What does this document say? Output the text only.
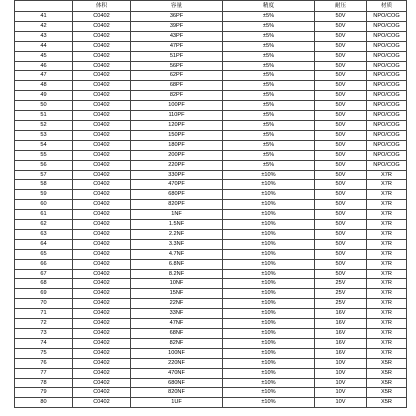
	体积	容量	精度	耐压	材质
41	C0402	36PF	±5%	50V	NPO/COG
42	C0402	39PF	±5%	50V	NPO/COG
43	C0402	43PF	±5%	50V	NPO/COG
44	C0402	47PF	±5%	50V	NPO/COG
45	C0402	51PF	±5%	50V	NPO/COG
46	C0402	56PF	±5%	50V	NPO/COG
47	C0402	62PF	±5%	50V	NPO/COG
48	C0402	68PF	±5%	50V	NPO/COG
49	C0402	82PF	±5%	50V	NPO/COG
50	C0402	100PF	±5%	50V	NPO/COG
51	C0402	110PF	±5%	50V	NPO/COG
52	C0402	120PF	±5%	50V	NPO/COG
53	C0402	150PF	±5%	50V	NPO/COG
54	C0402	180PF	±5%	50V	NPO/COG
55	C0402	200PF	±5%	50V	NPO/COG
56	C0402	220PF	±5%	50V	NPO/COG
57	C0402	330PF	±10%	50V	X7R
58	C0402	470PF	±10%	50V	X7R
59	C0402	680PF	±10%	50V	X7R
60	C0402	820PF	±10%	50V	X7R
61	C0402	1NF	±10%	50V	X7R
62	C0402	1.5NF	±10%	50V	X7R
63	C0402	2.2NF	±10%	50V	X7R
64	C0402	3.3NF	±10%	50V	X7R
65	C0402	4.7NF	±10%	50V	X7R
66	C0402	6.8NF	±10%	50V	X7R
67	C0402	8.2NF	±10%	50V	X7R
68	C0402	10NF	±10%	25V	X7R
69	C0402	15NF	±10%	25V	X7R
70	C0402	22NF	±10%	25V	X7R
71	C0402	33NF	±10%	16V	X7R
72	C0402	47NF	±10%	16V	X7R
73	C0402	68NF	±10%	16V	X7R
74	C0402	82NF	±10%	16V	X7R
75	C0402	100NF	±10%	16V	X7R
76	C0402	220NF	±10%	10V	X5R
77	C0402	470NF	±10%	10V	X5R
78	C0402	680NF	±10%	10V	X5R
79	C0402	820NF	±10%	10V	X5R
80	C0402	1UF	±10%	10V	X5R
